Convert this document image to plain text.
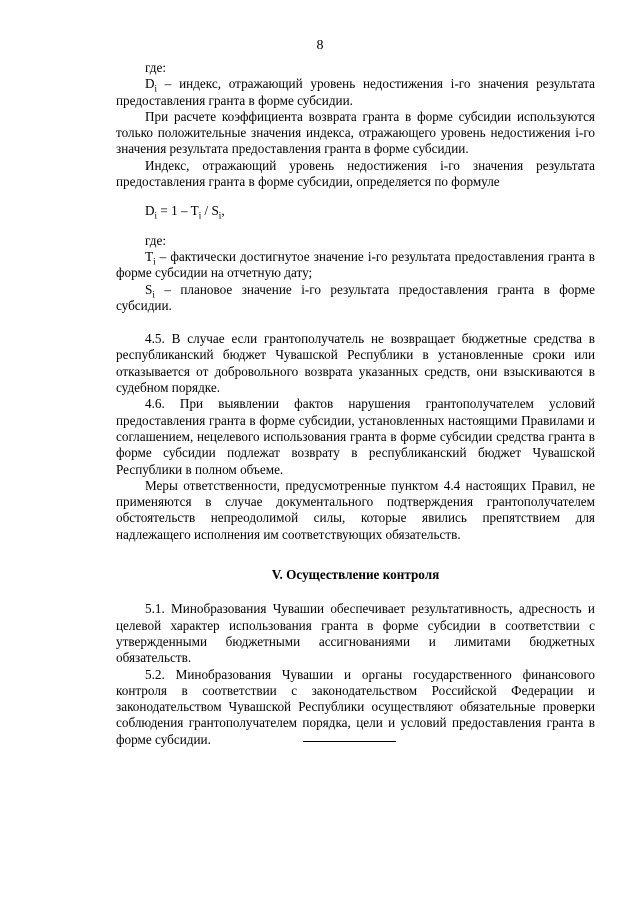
8

где:

$D_i$ – индекс, отражающий уровень недостижения i-го значения результата предоставления гранта в форме субсидии.

При расчете коэффициента возврата гранта в форме субсидии используются только положительные значения индекса, отражающего уровень недостижения i-го значения результата предоставления гранта в форме субсидии.

Индекс, отражающий уровень недостижения i-го значения результата предоставления гранта в форме субсидии, определяется по формуле

$D_i = 1 - T_i / S_i$,

где:

$T_i$ – фактически достигнутое значение i-го результата предоставления гранта в форме субсидии на отчетную дату;

$S_i$ – плановое значение i-го результата предоставления гранта в форме субсидии.

4.5. В случае если грантополучатель не возвращает бюджетные средства в республиканский бюджет Чувашской Республики в установленные сроки или отказывается от добровольного возврата указанных средств, они взыскиваются в судебном порядке.

4.6. При выявлении фактов нарушения грантополучателем условий предоставления гранта в форме субсидии, установленных настоящими Правилами и соглашением, нецелевого использования гранта в форме субсидии средства гранта в форме субсидии подлежат возврату в республиканский бюджет Чувашской Республики в полном объеме.

Меры ответственности, предусмотренные пунктом 4.4 настоящих Правил, не применяются в случае документального подтверждения грантополучателем обстоятельств непреодолимой силы, которые явились препятствием для надлежащего исполнения им соответствующих обязательств.

V. Осуществление контроля

5.1. Минобразования Чувашии обеспечивает результативность, адресность и целевой характер использования гранта в форме субсидии в соответствии с утвержденными бюджетными ассигнованиями и лимитами бюджетных обязательств.

5.2. Минобразования Чувашии и органы государственного финансового контроля в соответствии с законодательством Российской Федерации и законодательством Чувашской Республики осуществляют обязательные проверки соблюдения грантополучателем порядка, цели и условий предоставления гранта в форме субсидии.
